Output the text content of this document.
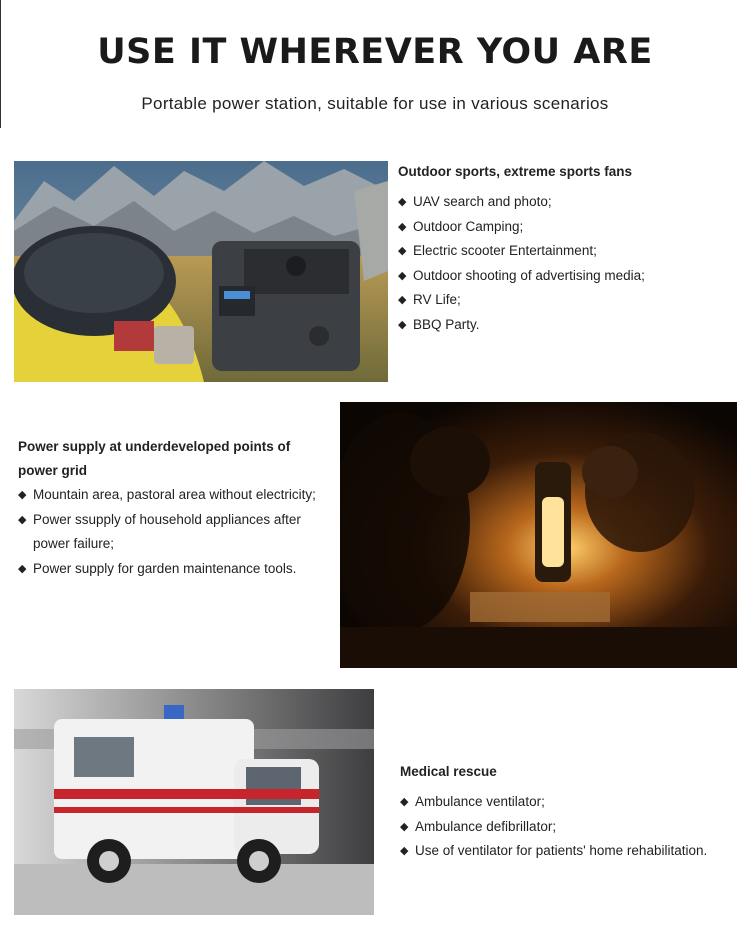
USE IT WHEREVER YOU ARE
Portable power station, suitable for use in various scenarios
Outdoor sports, extreme sports fans
◆ UAV search and photo;
◆ Outdoor Camping;
◆ Electric scooter Entertainment;
◆ Outdoor shooting of advertising media;
◆ RV Life;
◆ BBQ Party.
Power supply at underdeveloped points of
power grid
◆ Mountain area, pastoral area without electricity;
◆ Power ssupply of household appliances after
power failure;
◆ Power supply for garden maintenance tools.
Medical rescue
◆ Ambulance ventilator;
◆ Ambulance defibrillator;
◆ Use of ventilator for patients' home rehabilitation.
